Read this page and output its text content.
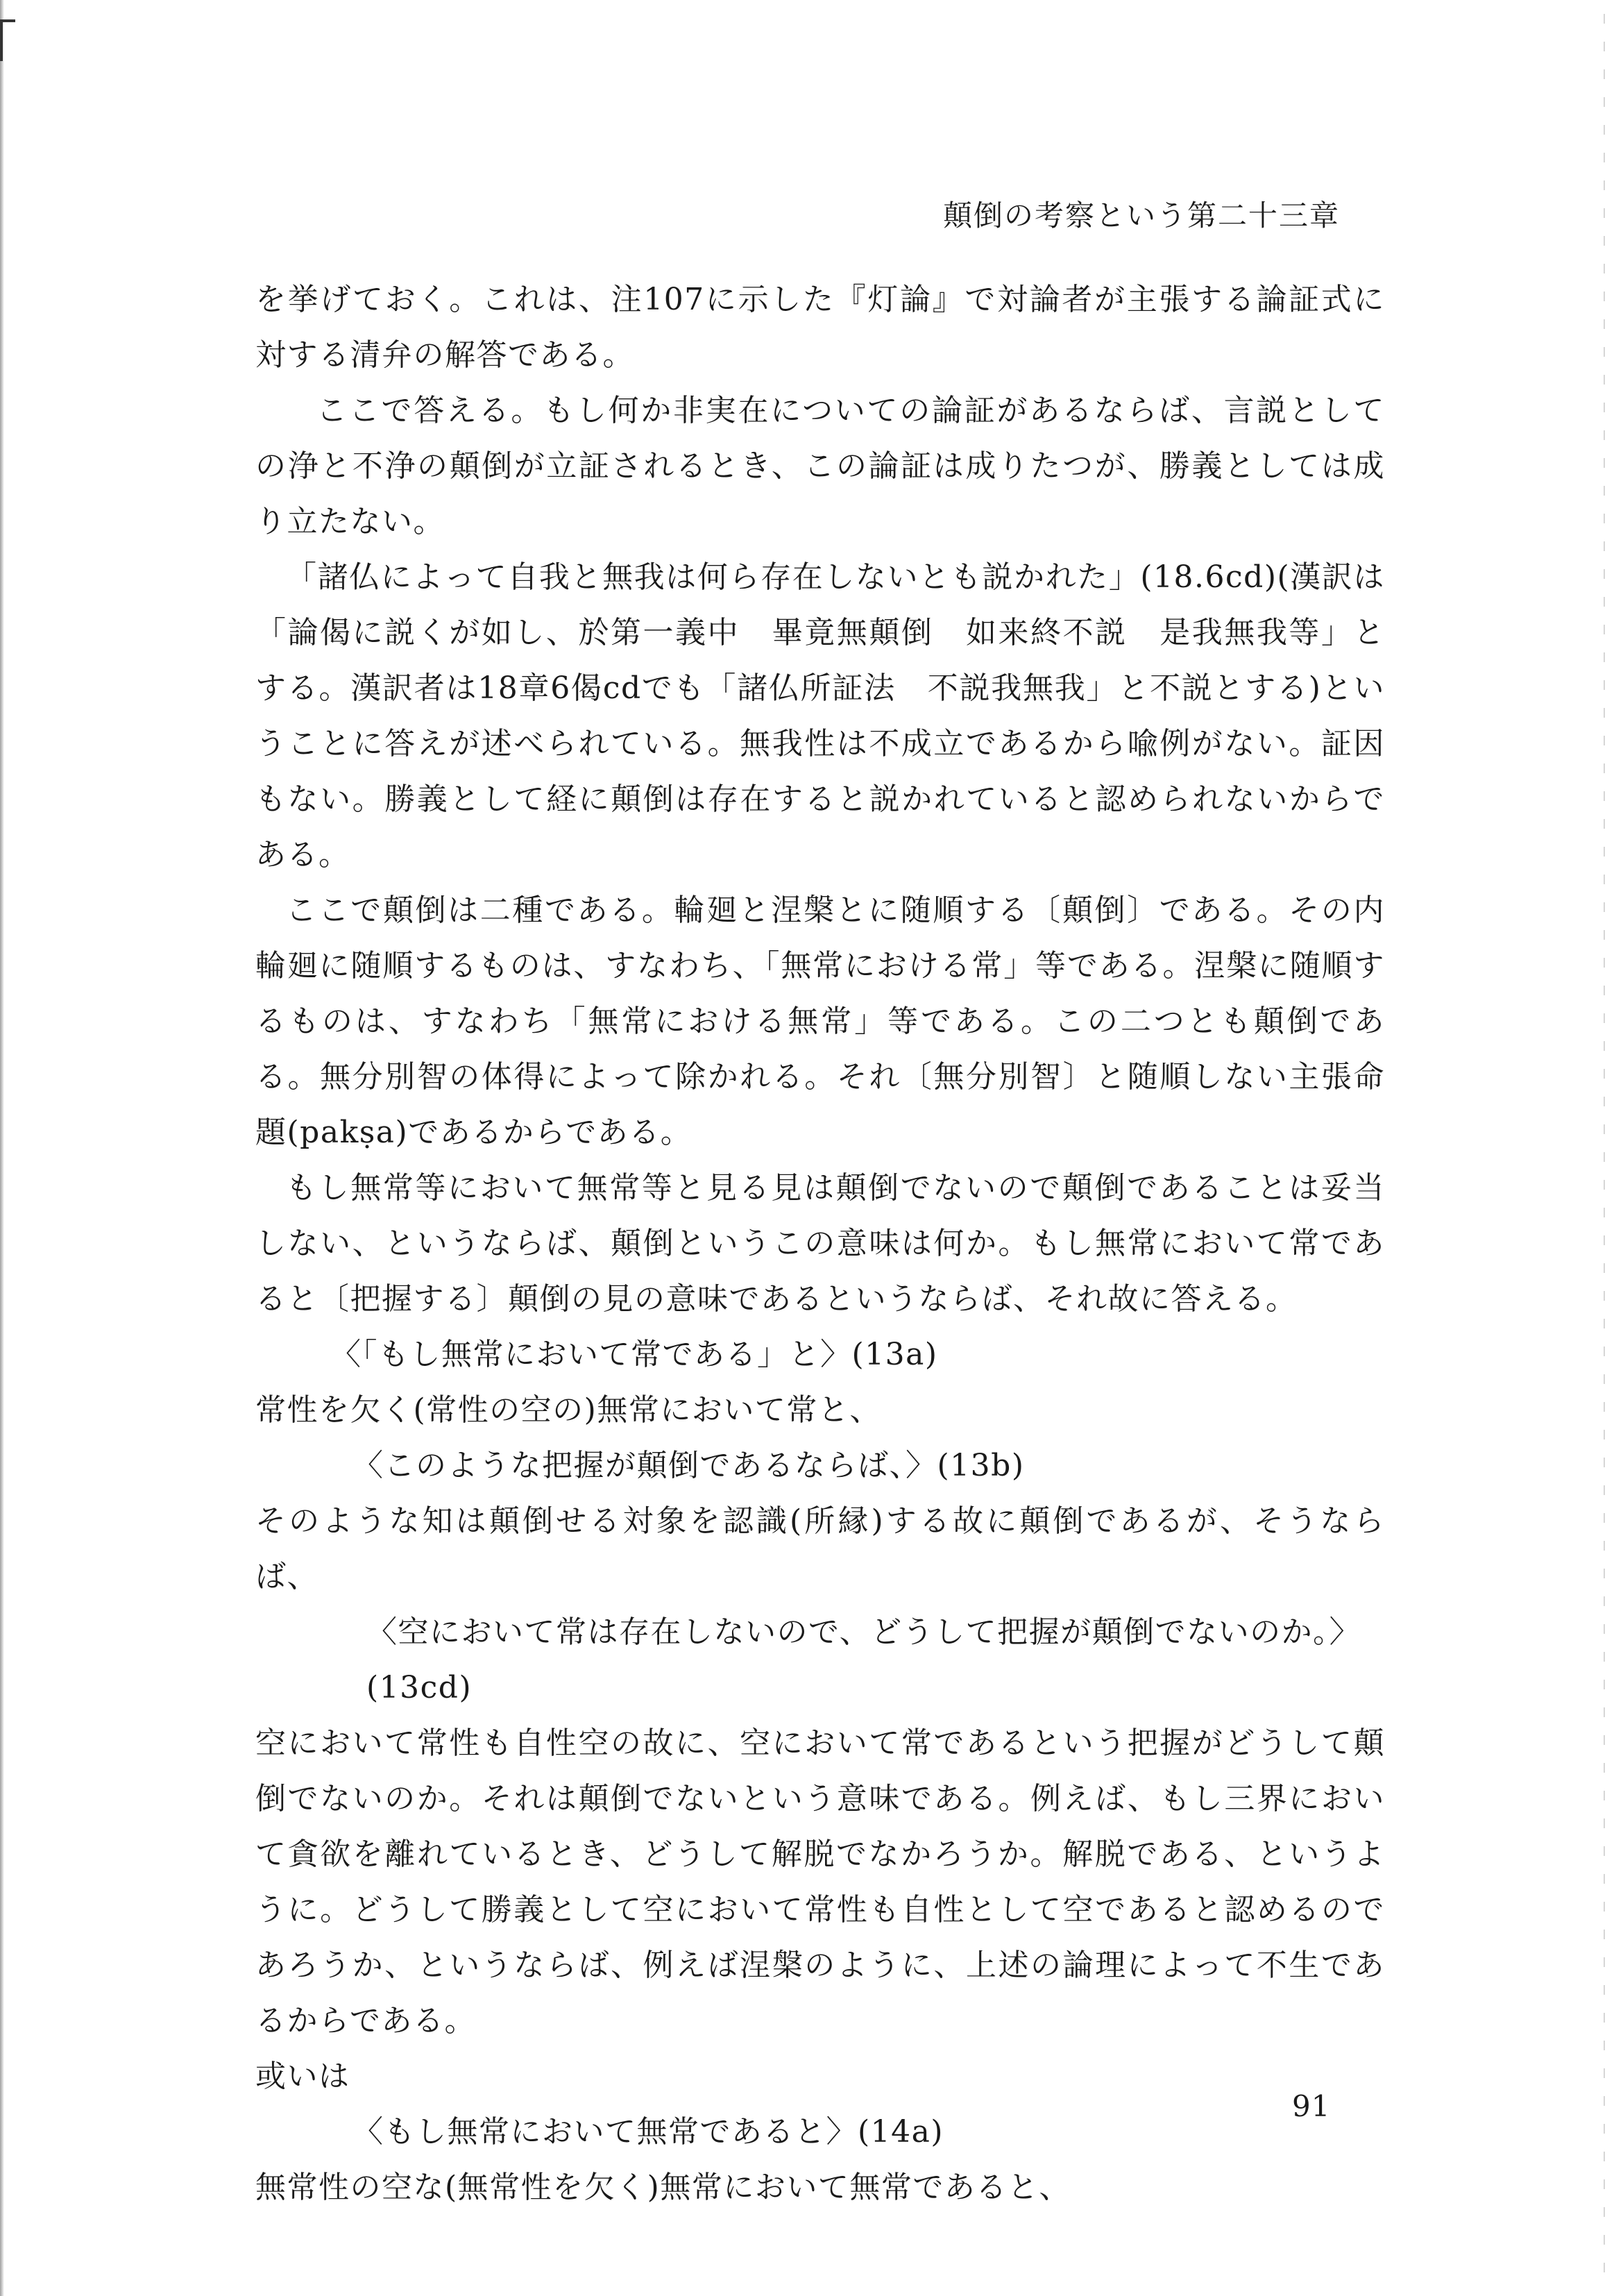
顛倒の考察という第二十三章

を挙げておく。これは、注107に示した『灯論』で対論者が主張する論証式に対する清弁の解答である。

ここで答える。もし何か非実在についての論証があるならば、言説としての浄と不浄の顛倒が立証されるとき、この論証は成りたつが、勝義としては成り立たない。

「諸仏によって自我と無我は何ら存在しないとも説かれた」(18.6cd)(漢訳は「論偈に説くが如し、於第一義中　畢竟無顛倒　如来終不説　是我無我等」とする。漢訳者は18章6偈cdでも「諸仏所証法　不説我無我」と不説とする)ということに答えが述べられている。無我性は不成立であるから喩例がない。証因もない。勝義として経に顛倒は存在すると説かれていると認められないからである。

ここで顛倒は二種である。輪廻と涅槃とに随順する〔顛倒〕である。その内輪廻に随順するものは、すなわち、「無常における常」等である。涅槃に随順するものは、すなわち「無常における無常」等である。この二つとも顛倒である。無分別智の体得によって除かれる。それ〔無分別智〕と随順しない主張命題(pakṣa)であるからである。

もし無常等において無常等と見る見は顛倒でないので顛倒であることは妥当しない、というならば、顛倒というこの意味は何か。もし無常において常であると〔把握する〕顛倒の見の意味であるというならば、それ故に答える。

〈「もし無常において常である」と〉(13a)

常性を欠く(常性の空の)無常において常と、

〈このような把握が顛倒であるならば、〉(13b)

そのような知は顛倒せる対象を認識(所縁)する故に顛倒であるが、そうならば、

〈空において常は存在しないので、どうして把握が顛倒でないのか。〉

(13cd)

空において常性も自性空の故に、空において常であるという把握がどうして顛倒でないのか。それは顛倒でないという意味である。例えば、もし三界において貪欲を離れているとき、どうして解脱でなかろうか。解脱である、というように。どうして勝義として空において常性も自性として空であると認めるのであろうか、というならば、例えば涅槃のように、上述の論理によって不生であるからである。

或いは

〈もし無常において無常であると〉(14a)

無常性の空な(無常性を欠く)無常において無常であると、

91
